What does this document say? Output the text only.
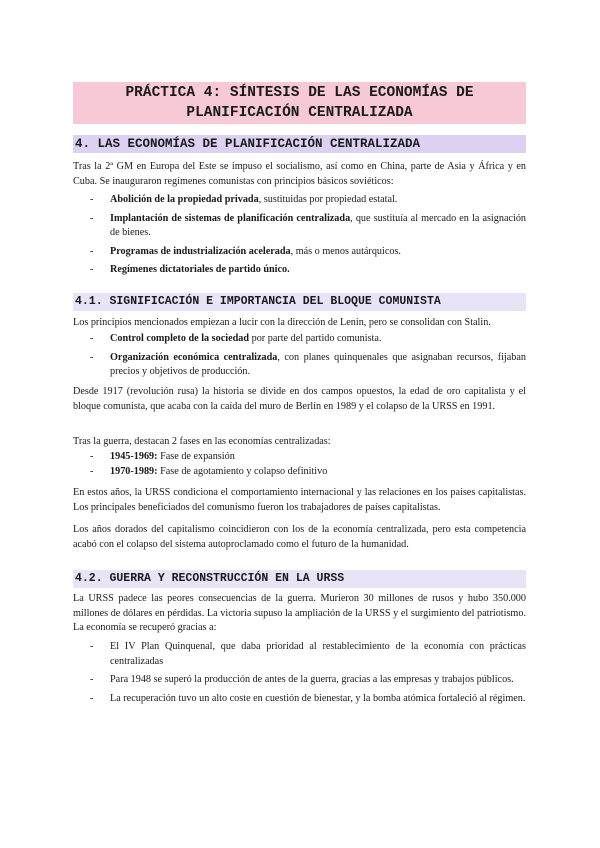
PRÁCTICA 4: SÍNTESIS DE LAS ECONOMÍAS DE
PLANIFICACIÓN CENTRALIZADA
4. LAS ECONOMÍAS DE PLANIFICACIÓN CENTRALIZADA
Tras la 2ª GM en Europa del Este se impuso el socialismo, así como en China, parte de Asia y África y en Cuba. Se inauguraron regímenes comunistas con principios básicos soviéticos:
- Abolición de la propiedad privada, sustituidas por propiedad estatal.
- Implantación de sistemas de planificación centralizada, que sustituía al mercado en la asignación de bienes.
- Programas de industrialización acelerada, más o menos autárquicos.
- Regímenes dictatoriales de partido único.
4.1. SIGNIFICACIÓN E IMPORTANCIA DEL BLOQUE COMUNISTA
Los principios mencionados empiezan a lucir con la dirección de Lenin, pero se consolidan con Stalin.
- Control completo de la sociedad por parte del partido comunista.
- Organización económica centralizada, con planes quinquenales que asignaban recursos, fijaban precios y objetivos de producción.
Desde 1917 (revolución rusa) la historia se divide en dos campos opuestos, la edad de oro capitalista y el bloque comunista, que acaba con la caída del muro de Berlín en 1989 y el colapso de la URSS en 1991.
Tras la guerra, destacan 2 fases en las economías centralizadas:
- 1945-1969: Fase de expansión
- 1970-1989: Fase de agotamiento y colapso definitivo
En estos años, la URSS condiciona el comportamiento internacional y las relaciones en los países capitalistas. Los principales beneficiados del comunismo fueron los trabajadores de países capitalistas.
Los años dorados del capitalismo coincidieron con los de la economía centralizada, pero esta competencia acabó con el colapso del sistema autoproclamado como el futuro de la humanidad.
4.2. GUERRA Y RECONSTRUCCIÓN EN LA URSS
La URSS padece las peores consecuencias de la guerra. Murieron 30 millones de rusos y hubo 350.000 millones de dólares en pérdidas. La victoria supuso la ampliación de la URSS y el surgimiento del patriotismo. La economía se recuperó gracias a:
- El IV Plan Quinquenal, que daba prioridad al restablecimiento de la economía con prácticas centralizadas
- Para 1948 se superó la producción de antes de la guerra, gracias a las empresas y trabajos públicos.
- La recuperación tuvo un alto coste en cuestión de bienestar, y la bomba atómica fortaleció al régimen.
